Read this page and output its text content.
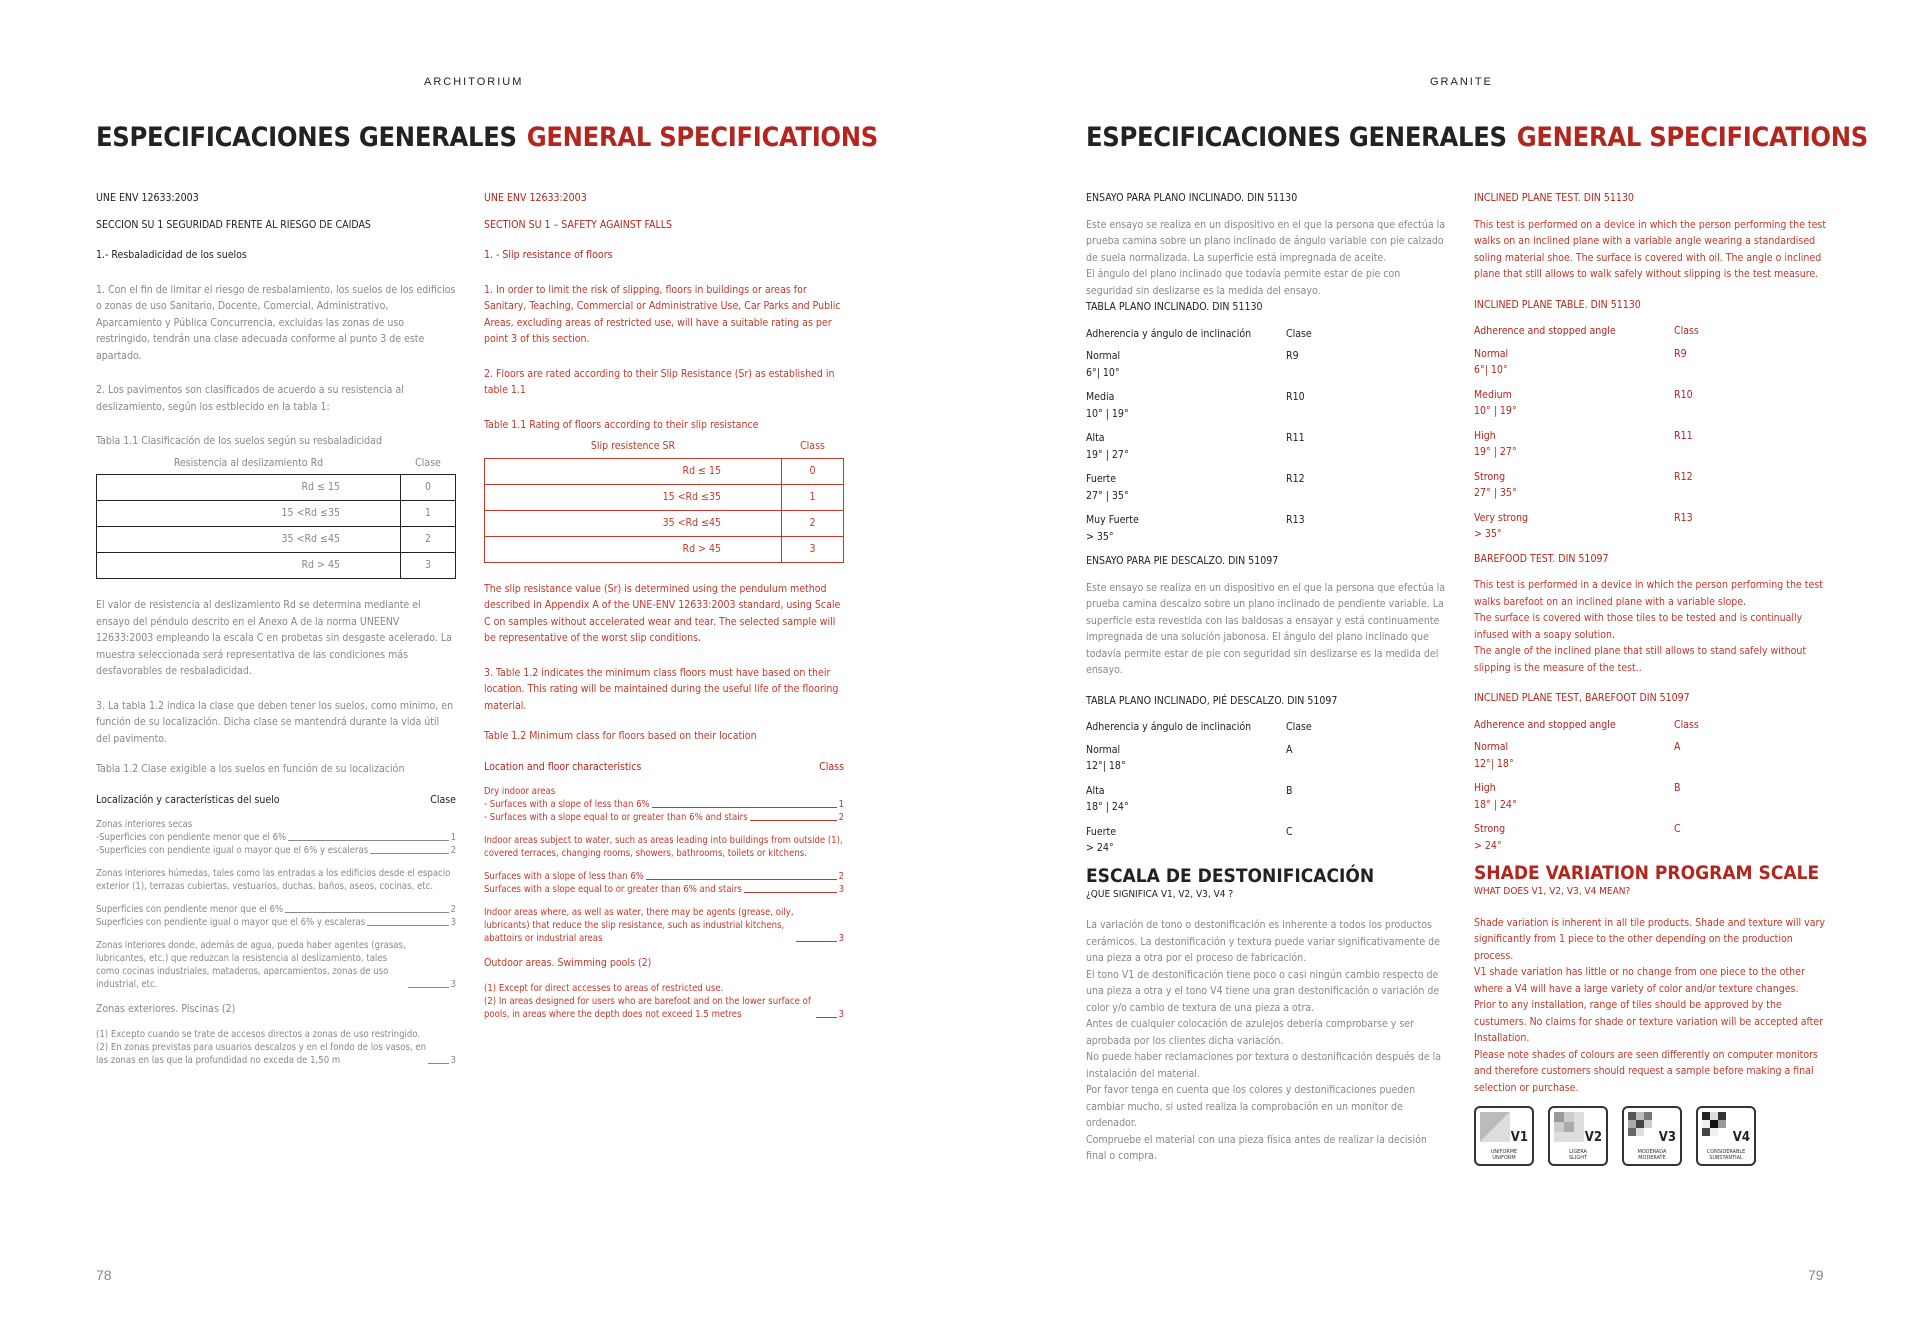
ARCHITORIUM
ESPECIFICACIONES GENERALES GENERAL SPECIFICATIONS

UNE ENV 12633:2003

SECCION SU 1 SEGURIDAD FRENTE AL RIESGO DE CAIDAS

1.- Resbaladicidad de los suelos

1. Con el fin de limitar el riesgo de resbalamiento, los suelos de los edificios o zonas de uso Sanitario, Docente, Comercial, Administrativo, Aparcamiento y Pública Concurrencia, excluidas las zonas de uso restringido, tendrán una clase adecuada conforme al punto 3 de este apartado.

2. Los pavimentos son clasificados de acuerdo a su resistencia al deslizamiento, según los estblecido en la tabla 1:

Tabla 1.1 Clasificación de los suelos según su resbaladicidad

Resistencia al deslizamiento Rd	Clase
Rd ≤ 15	0
15 <Rd ≤35	1
35 <Rd ≤45	2
Rd > 45	3

El valor de resistencia al deslizamiento Rd se determina mediante el ensayo del péndulo descrito en el Anexo A de la norma UNEENV 12633:2003 empleando la escala C en probetas sin desgaste acelerado. La muestra seleccionada será representativa de las condiciones más desfavorables de resbaladicidad.

3. La tabla 1.2 indica la clase que deben tener los suelos, como mínimo, en función de su localización. Dicha clase se mantendrá durante la vida útil del pavimento.

Tabla 1.2 Clase exigible a los suelos en función de su localización

Localización y características del suelo	Clase

Zonas interiores secas

-Superficies con pendiente menor que el 6%	1
-Superficies con pendiente igual o mayor que el 6% y escaleras	2

Zonas interiores húmedas, tales como las entradas a los edificios desde el espacio exterior (1), terrazas cubiertas, vestuarios, duchas, baños, aseos, cocinas, etc.

Superficies con pendiente menor que el 6%	2
Superficies con pendiente igual o mayor que el 6% y escaleras	3
Zonas interiores donde, además de agua, pueda haber agentes (grasas, lubricantes, etc.) que reduzcan la resistencia al deslizamiento, tales como cocinas industriales, mataderos, aparcamientos, zonas de uso industrial, etc.	3

Zonas exteriores. Piscinas (2)

(1) Excepto cuando se trate de accesos directos a zonas de uso restringido.

(2) En zonas previstas para usuarios descalzos y en el fondo de los vasos, en las zonas en las que la profundidad no exceda de 1,50 m	3

UNE ENV 12633:2003

SECTION SU 1 – SAFETY AGAINST FALLS

1. - Slip resistance of floors

1. In order to limit the risk of slipping, floors in buildings or areas for Sanitary, Teaching, Commercial or Administrative Use, Car Parks and Public Areas, excluding areas of restricted use, will have a suitable rating as per point 3 of this section.

2. Floors are rated according to their Slip Resistance (Sr) as established in table 1.1

Table 1.1 Rating of floors according to their slip resistance

Slip resistence SR	Class
Rd ≤ 15	0
15 <Rd ≤35	1
35 <Rd ≤45	2
Rd > 45	3

The slip resistance value (Sr) is determined using the pendulum method described in Appendix A of the UNE-ENV 12633:2003 standard, using Scale C on samples without accelerated wear and tear. The selected sample will be representative of the worst slip conditions.

3. Table 1.2 indicates the minimum class floors must have based on their location. This rating will be maintained during the useful life of the flooring material.

Table 1.2 Minimum class for floors based on their location

Location and floor characteristics	Class

Dry indoor areas

- Surfaces with a slope of less than 6%	1
- Surfaces with a slope equal to or greater than 6% and stairs	2

Indoor areas subject to water, such as areas leading into buildings from outside (1), covered terraces, changing rooms, showers, bathrooms, toilets or kitchens.

Surfaces with a slope of less than 6%	2
Surfaces with a slope equal to or greater than 6% and stairs	3
Indoor areas where, as well as water, there may be agents (grease, oily, lubricants) that reduce the slip resistance, such as industrial kitchens, abattoirs or industrial areas	3

Outdoor areas. Swimming pools (2)

(1) Except for direct accesses to areas of restricted use.

(2) In areas designed for users who are barefoot and on the lower surface of pools, in areas where the depth does not exceed 1.5 metres	3
78
GRANITE
ESPECIFICACIONES GENERALES GENERAL SPECIFICATIONS

ENSAYO PARA PLANO INCLINADO. DIN 51130

Este ensayo se realiza en un dispositivo en el que la persona que efectúa la prueba camina sobre un plano inclinado de ángulo variable con pie calzado de suela normalizada. La superficie está impregnada de aceite.
El ángulo del plano inclinado que todavía permite estar de pie con seguridad sin deslizarse es la medida del ensayo.

TABLA PLANO INCLINADO. DIN 51130

Adherencia y ángulo de inclinación	Clase
Normal	R9
6°| 10°
Media	R10
10° | 19°
Alta	R11
19° | 27°
Fuerte	R12
27° | 35°
Muy Fuerte	R13
> 35°

ENSAYO PARA PIE DESCALZO. DIN 51097

Este ensayo se realiza en un dispositivo en el que la persona que efectúa la prueba camina descalzo sobre un plano inclinado de pendiente variable. La superficie esta revestida con las baldosas a ensayar y está continuamente impregnada de una solución jabonosa. El ángulo del plano inclinado que todavía permite estar de pie con seguridad sin deslizarse es la medida del ensayo.

TABLA PLANO INCLINADO, PIÉ DESCALZO. DIN 51097

Adherencia y ángulo de inclinación	Clase
Normal	A
12°| 18°
Alta	B
18° | 24°
Fuerte	C
> 24°
ESCALA DE DESTONIFICACIÓN

¿QUE SIGNIFICA V1, V2, V3, V4 ?

La variación de tono o destonificación es inherente a todos los productos cerámicos. La destonificación y textura puede variar significativamente de una pieza a otra por el proceso de fabricación.
El tono V1 de destonificación tiene poco o casi ningún cambio respecto de una pieza a otra y el tono V4 tiene una gran destonificación o variación de color y/o cambio de textura de una pieza a otra.
Antes de cualquier colocación de azulejos debería comprobarse y ser aprobada por los clientes dicha variación.
No puede haber reclamaciones por textura o destonificación después de la instalación del material.
Por favor tenga en cuenta que los colores y destonificaciones pueden cambiar mucho, si usted realiza la comprobación en un monitor de ordenador.
Compruebe el material con una pieza física antes de realizar la decisión final o compra.

INCLINED PLANE TEST. DIN 51130

This test is performed on a device in which the person performing the test walks on an inclined plane with a variable angle wearing a standardised soling material shoe. The surface is covered with oil. The angle o inclined plane that still allows to walk safely without slipping is the test measure.

INCLINED PLANE TABLE. DIN 51130

Adherence and stopped angle	Class
Normal	R9
6°| 10°
Medium	R10
10° | 19°
High	R11
19° | 27°
Strong	R12
27° | 35°
Very strong	R13
> 35°

BAREFOOD TEST. DIN 51097

This test is performed in a device in which the person performing the test walks barefoot on an inclined plane with a variable slope.
The surface is covered with those tiles to be tested and is continually infused with a soapy solution.
The angle of the inclined plane that still allows to stand safely without slipping is the measure of the test..

INCLINED PLANE TEST, BAREFOOT DIN 51097

Adherence and stopped angle	Class
Normal	A
12°| 18°
High	B
18° | 24°
Strong	C
> 24°
SHADE VARIATION PROGRAM SCALE

WHAT DOES V1, V2, V3, V4 MEAN?

Shade variation is inherent in all tile products. Shade and texture will vary significantly from 1 piece to the other depending on the production process.
V1 shade variation has little or no change from one piece to the other where a V4 will have a large variety of color and/or texture changes.
Prior to any installation, range of tiles should be approved by the custumers. No claims for shade or texture variation will be accepted after Installation.
Please note shades of colours are seen differently on computer monitors and therefore customers should request a sample before making a final selection or purchase.

V1
UNIFORME
UNIFORM
V2
LIGERA
SLIGHT
V3
MODERADA
MODERATE
V4
CONSIDERABLE
SUBSTANTIAL
79
